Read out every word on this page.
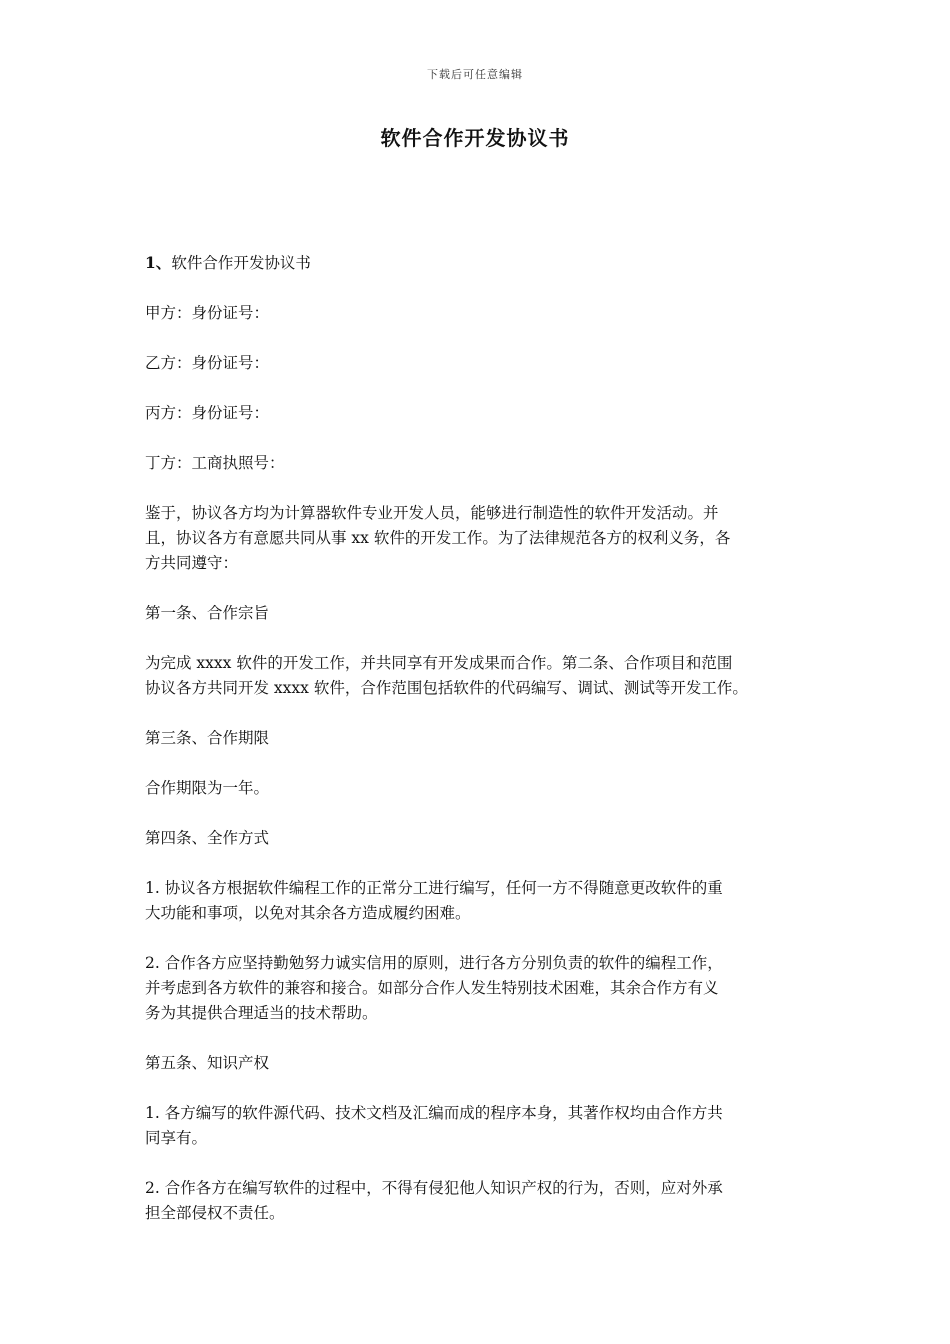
下载后可任意编辑
软件合作开发协议书

1、软件合作开发协议书

甲方：身份证号：

乙方：身份证号：

丙方：身份证号：

丁方：工商执照号：

鉴于，协议各方均为计算器软件专业开发人员，能够进行制造性的软件开发活动。并
且，协议各方有意愿共同从事 xx 软件的开发工作。为了法律规范各方的权利义务，各
方共同遵守：

第一条、合作宗旨

为完成 xxxx 软件的开发工作，并共同享有开发成果而合作。第二条、合作项目和范围
协议各方共同开发 xxxx 软件，合作范围包括软件的代码编写、调试、测试等开发工作。

第三条、合作期限

合作期限为一年。

第四条、全作方式

1. 协议各方根据软件编程工作的正常分工进行编写，任何一方不得随意更改软件的重
大功能和事项，以免对其余各方造成履约困难。

2. 合作各方应坚持勤勉努力诚实信用的原则，进行各方分别负责的软件的编程工作，
并考虑到各方软件的兼容和接合。如部分合作人发生特别技术困难，其余合作方有义
务为其提供合理适当的技术帮助。

第五条、知识产权

1. 各方编写的软件源代码、技术文档及汇编而成的程序本身，其著作权均由合作方共
同享有。

2. 合作各方在编写软件的过程中，不得有侵犯他人知识产权的行为，否则，应对外承
担全部侵权不责任。
